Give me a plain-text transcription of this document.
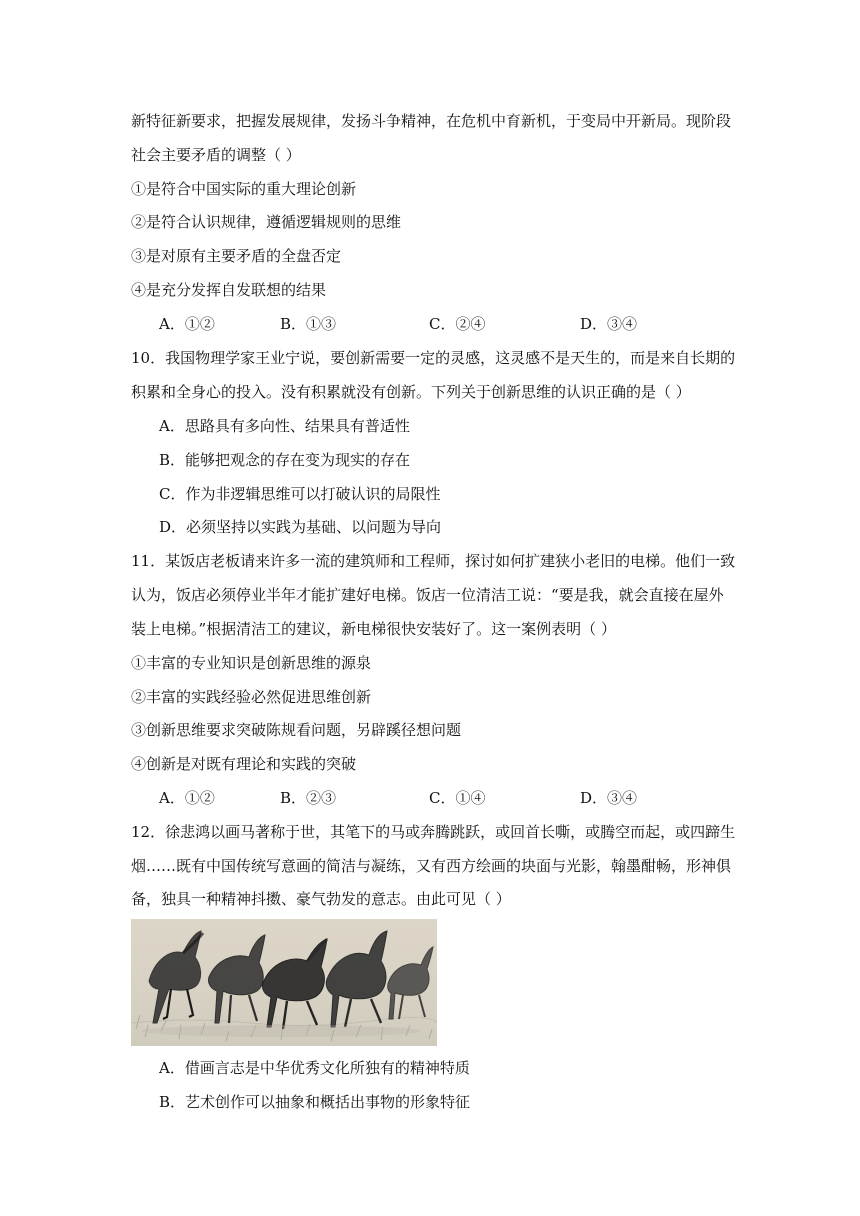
新特征新要求，把握发展规律，发扬斗争精神，在危机中育新机，于变局中开新局。现阶段
社会主要矛盾的调整（ ）
①是符合中国实际的重大理论创新
②是符合认识规律，遵循逻辑规则的思维
③是对原有主要矛盾的全盘否定
④是充分发挥自发联想的结果
A．①②	B．①③	C．②④	D．③④
10．我国物理学家王业宁说，要创新需要一定的灵感，这灵感不是天生的，而是来自长期的
积累和全身心的投入。没有积累就没有创新。下列关于创新思维的认识正确的是（ ）
A．思路具有多向性、结果具有普适性
B．能够把观念的存在变为现实的存在
C．作为非逻辑思维可以打破认识的局限性
D．必须坚持以实践为基础、以问题为导向
11．某饭店老板请来许多一流的建筑师和工程师，探讨如何扩建狭小老旧的电梯。他们一致
认为，饭店必须停业半年才能扩建好电梯。饭店一位清洁工说：“要是我，就会直接在屋外
装上电梯。”根据清洁工的建议，新电梯很快安装好了。这一案例表明（ ）
①丰富的专业知识是创新思维的源泉
②丰富的实践经验必然促进思维创新
③创新思维要求突破陈规看问题，另辟蹊径想问题
④创新是对既有理论和实践的突破
A．①②	B．②③	C．①④	D．③④
12．徐悲鸿以画马著称于世，其笔下的马或奔腾跳跃，或回首长嘶，或腾空而起，或四蹄生
烟……既有中国传统写意画的简洁与凝练，又有西方绘画的块面与光影，翰墨酣畅，形神俱
备，独具一种精神抖擞、豪气勃发的意志。由此可见（ ）
A．借画言志是中华优秀文化所独有的精神特质
B．艺术创作可以抽象和概括出事物的形象特征
